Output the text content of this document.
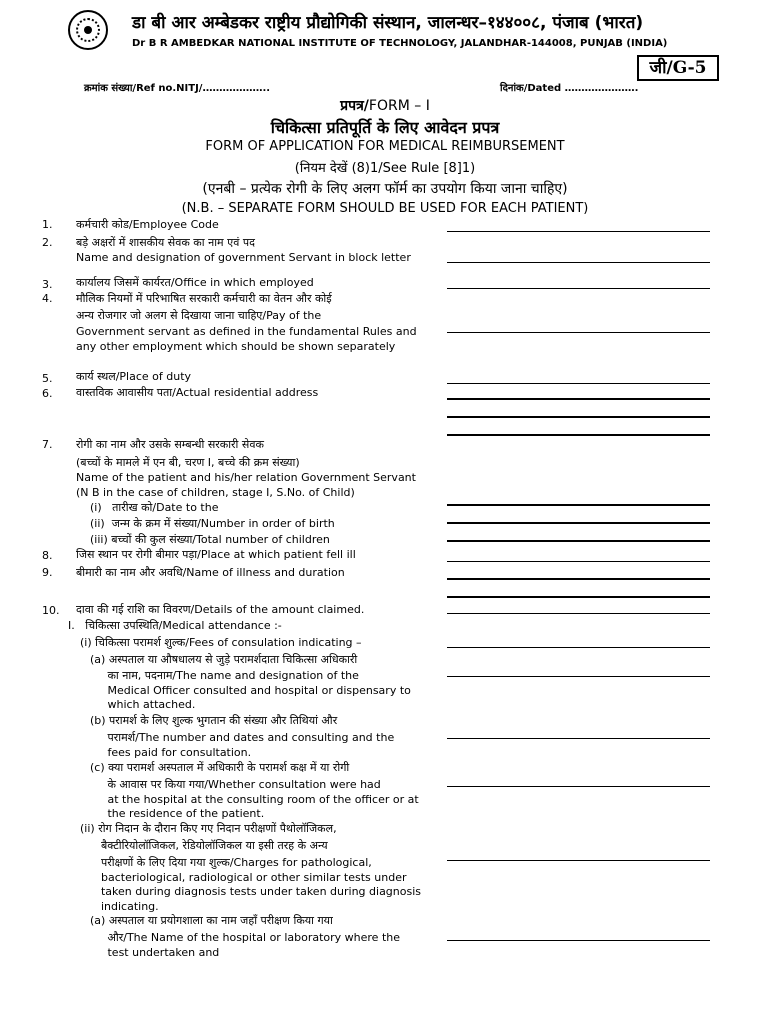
डा बी आर अम्बेडकर राष्ट्रीय प्रौद्योगिकी संस्थान, जालन्धर–१४४००८, पंजाब (भारत)
Dr B R AMBEDKAR NATIONAL INSTITUTE OF TECHNOLOGY, JALANDHAR-144008, PUNJAB (INDIA)
जी/G-5
क्रमांक संख्या/Ref no.NITJ/………………..	दिनांक/Dated ………………….
प्रपत्र/FORM – I
चिकित्सा प्रतिपूर्ति के लिए आवेदन प्रपत्र
FORM OF APPLICATION FOR MEDICAL REIMBURSEMENT
(नियम देखें (8)1/See Rule [8]1)
(एनबी – प्रत्येक रोगी के लिए अलग फॉर्म का उपयोग किया जाना चाहिए)
(N.B. – SEPARATE FORM SHOULD BE USED FOR EACH PATIENT)
1. कर्मचारी कोड/Employee Code
2. बड़े अक्षरों में शासकीय सेवक का नाम एवं पद
Name and designation of government Servant in block letter
3. कार्यालय जिसमें कार्यरत/Office in which employed
4. मौलिक नियमों में परिभाषित सरकारी कर्मचारी का वेतन और कोई
अन्य रोजगार जो अलग से दिखाया जाना चाहिए/Pay of the
Government servant as defined in the fundamental Rules and
any other employment which should be shown separately
5. कार्य स्थल/Place of duty
6. वास्तविक आवासीय पता/Actual residential address
7. रोगी का नाम और उसके सम्बन्धी सरकारी सेवक
(बच्चों के मामले में एन बी, चरण I, बच्चे की क्रम संख्या)
Name of the patient and his/her relation Government Servant
(N B in the case of children, stage I, S.No. of Child)
(i)   तारीख को/Date to the
(ii)  जन्म के क्रम में संख्या/Number in order of birth
(iii) बच्चों की कुल संख्या/Total number of children
8. जिस स्थान पर रोगी बीमार पड़ा/Place at which patient fell ill
9. बीमारी का नाम और अवधि/Name of illness and duration
10. दावा की गई राशि का विवरण/Details of the amount claimed.
I.   चिकित्सा उपस्थिति/Medical attendance :-
(i) चिकित्सा परामर्श शुल्क/Fees of consulation indicating –
(a) अस्पताल या औषधालय से जुड़े परामर्शदाता चिकित्सा अधिकारी
का नाम, पदनाम/The name and designation of the
Medical Officer consulted and hospital or dispensary to
which attached.
(b) परामर्श के लिए शुल्क भुगतान की संख्या और तिथियां और
परामर्श/The number and dates and consulting and the
fees paid for consultation.
(c) क्या परामर्श अस्पताल में अधिकारी के परामर्श कक्ष में या रोगी
के आवास पर किया गया/Whether consultation were had
at the hospital at the consulting room of the officer or at
the residence of the patient.
(ii) रोग निदान के दौरान किए गए निदान परीक्षणों पैथोलॉजिकल,
बैक्टीरियोलॉजिकल, रेडियोलॉजिकल या इसी तरह के अन्य
परीक्षणों के लिए दिया गया शुल्क/Charges for pathological,
bacteriological, radiological or other similar tests under
taken during diagnosis tests under taken during diagnosis
indicating.
(a) अस्पताल या प्रयोगशाला का नाम जहाँ परीक्षण किया गया
और/The Name of the hospital or laboratory where the
test undertaken and
